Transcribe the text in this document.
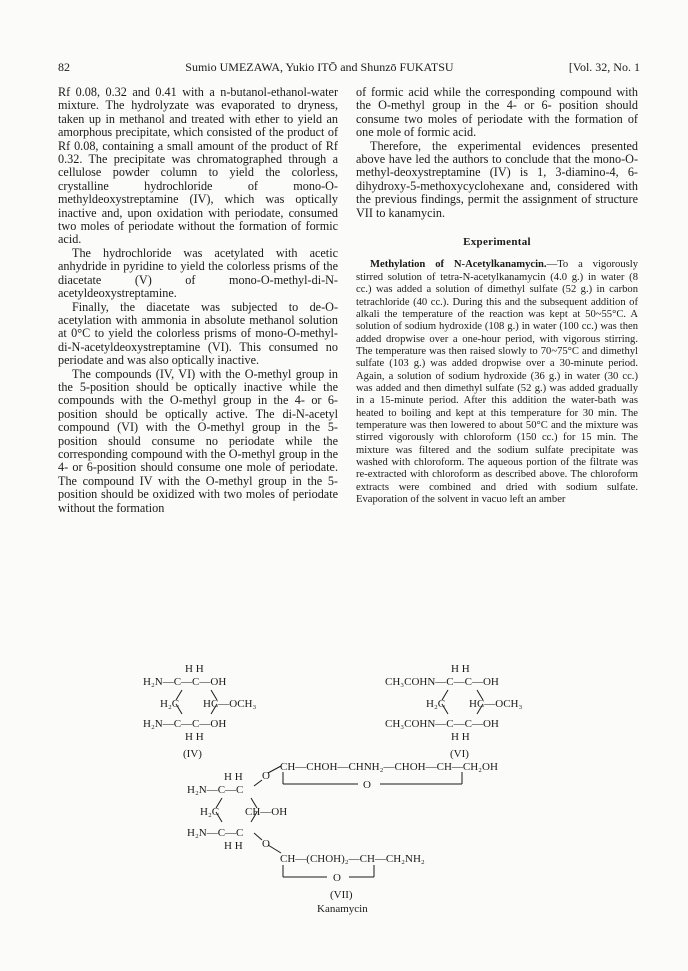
82	Sumio UMEZAWA, Yukio ITŌ and Shunzō FUKATSU	[Vol. 32, No. 1

Rf 0.08, 0.32 and 0.41 with a n-butanol-ethanol-water mixture. The hydrolyzate was evaporated to dryness, taken up in methanol and treated with ether to yield an amorphous precipitate, which consisted of the product of Rf 0.08, containing a small amount of the product of Rf 0.32. The precipitate was chromatographed through a cellulose powder column to yield the colorless, crystalline hydrochloride of mono-O-methyldeoxystreptamine (IV), which was optically inactive and, upon oxidation with periodate, consumed two moles of periodate without the formation of formic acid.

The hydrochloride was acetylated with acetic anhydride in pyridine to yield the colorless prisms of the diacetate (V) of mono-O-methyl-di-N-acetyldeoxystreptamine.

Finally, the diacetate was subjected to de-O-acetylation with ammonia in absolute methanol solution at 0°C to yield the colorless prisms of mono-O-methyl-di-N-acetyldeoxystreptamine (VI). This consumed no periodate and was also optically inactive.

The compounds (IV, VI) with the O-methyl group in the 5-position should be optically inactive while the compounds with the O-methyl group in the 4- or 6-position should be optically active. The di-N-acetyl compound (VI) with the O-methyl group in the 5-position should consume no periodate while the corresponding compound with the O-methyl group in the 4- or 6-position should consume one mole of periodate. The compound IV with the O-methyl group in the 5-position should be oxidized with two moles of periodate without the formation

of formic acid while the corresponding compound with the O-methyl group in the 4- or 6- position should consume two moles of periodate with the formation of one mole of formic acid.

Therefore, the experimental evidences presented above have led the authors to conclude that the mono-O-methyl-deoxystreptamine (IV) is 1, 3-diamino-4, 6-dihydroxy-5-methoxycyclohexane and, considered with the previous findings, permit the assignment of structure VII to kanamycin.

Experimental

Methylation of N-Acetylkanamycin.—To a vigorously stirred solution of tetra-N-acetylkanamycin (4.0 g.) in water (8 cc.) was added a solution of dimethyl sulfate (52 g.) in carbon tetrachloride (40 cc.). During this and the subsequent addition of alkali the temperature of the reaction was kept at 50~55°C. A solution of sodium hydroxide (108 g.) in water (100 cc.) was then added dropwise over a one-hour period, with vigorous stirring. The temperature was then raised slowly to 70~75°C and dimethyl sulfate (103 g.) was added dropwise over a 30-minute period. Again, a solution of sodium hydroxide (36 g.) in water (30 cc.) was added and then dimethyl sulfate (52 g.) was added gradually in a 15-minute period. After this addition the water-bath was heated to boiling and kept at this temperature for 30 min. The temperature was then lowered to about 50°C and the mixture was stirred vigorously with chloroform (150 cc.) for 15 min. The mixture was filtered and the sodium sulfate precipitate was washed with chloroform. The aqueous portion of the filtrate was re-extracted with chloroform as described above. The chloroform extracts were combined and dried with sodium sulfate. Evaporation of the solvent in vacuo left an amber

H H
H₂N—C—C—OH
H₂C HC—OCH₃
H₂N—C—C—OH
H H
(IV)
H H
CH₃COHN—C—C—OH
H₂C HC—OCH₃
CH₃COHN—C—C—OH
H H
(VI)
CH—CHOH—CHNH₂—CHOH—CH—CH₂OH
O
H H O
H₂N—C—C
H₂C CH—OH
H₂N—C—C
H H O
CH—(CHOH)₂—CH—CH₂NH₂
O
(VII)
Kanamycin
